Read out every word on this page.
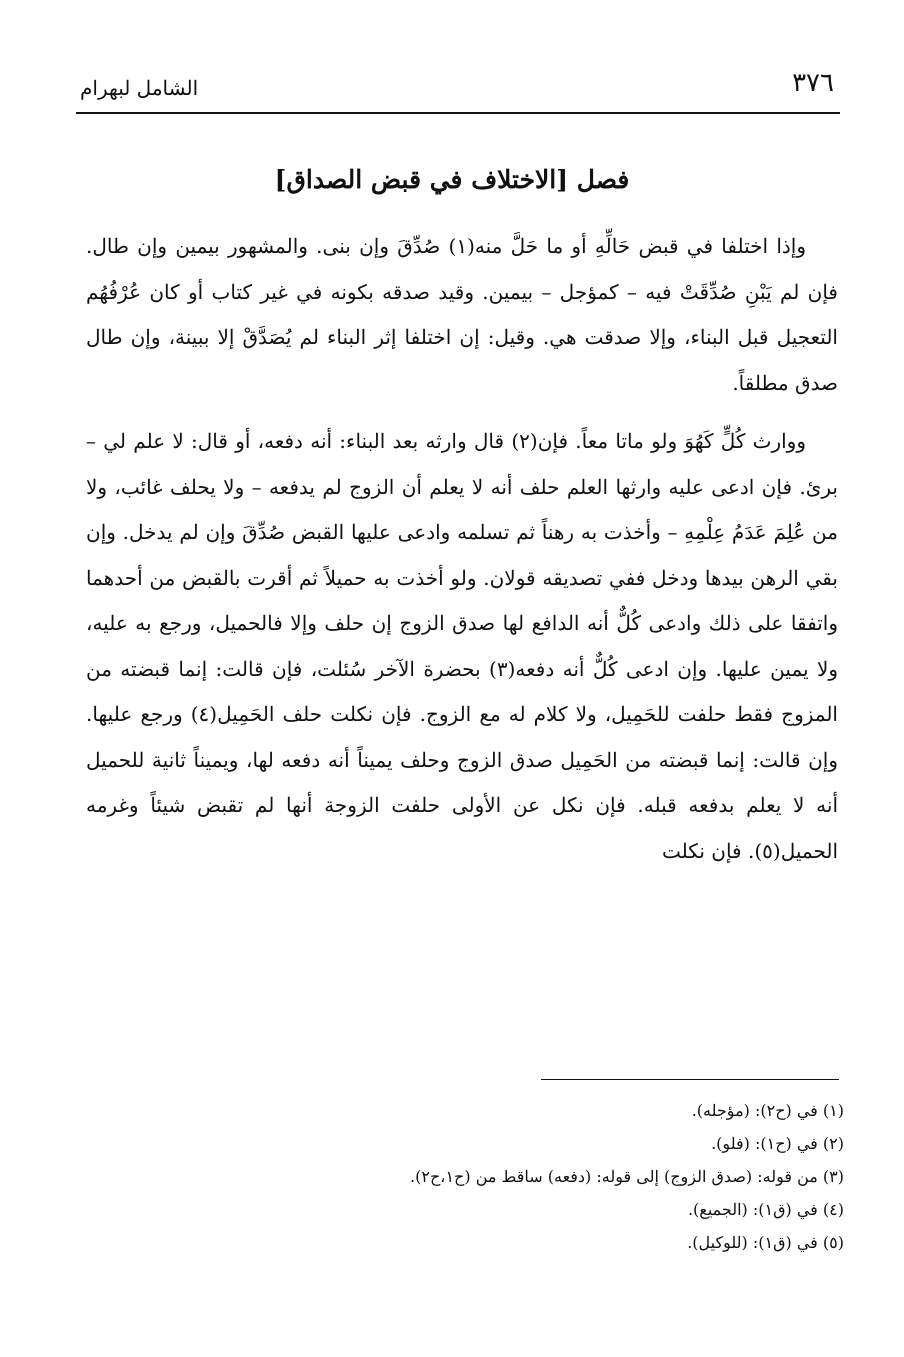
٣٧٦
الشامل لبهرام
فصل [الاختلاف في قبض الصداق]

وإذا اختلفا في قبض حَالِّهِ أو ما حَلَّ منه(١) صُدِّقَ وإن بنى. والمشهور بيمين وإن طال. فإن لم يَبْنِ صُدِّقَتْ فيه – كمؤجل – بيمين. وقيد صدقه بكونه في غير كتاب أو كان عُرْفُهُم التعجيل قبل البناء، وإلا صدقت هي. وقيل: إن اختلفا إثر البناء لم يُصَدَّقْ إلا ببينة، وإن طال صدق مطلقاً.

ووارث كُلٍّ كَهُوَ ولو ماتا معاً. فإن(٢) قال وارثه بعد البناء: أنه دفعه، أو قال: لا علم لي – برئ. فإن ادعى عليه وارثها العلم حلف أنه لا يعلم أن الزوج لم يدفعه – ولا يحلف غائب، ولا من عُلِمَ عَدَمُ عِلْمِهِ – وأخذت به رهناً ثم تسلمه وادعى عليها القبض صُدِّقَ وإن لم يدخل. وإن بقي الرهن بيدها ودخل ففي تصديقه قولان. ولو أخذت به حميلاً ثم أقرت بالقبض من أحدهما واتفقا على ذلك وادعى كُلٌّ أنه الدافع لها صدق الزوج إن حلف وإلا فالحميل، ورجع به عليه، ولا يمين عليها. وإن ادعى كُلٌّ أنه دفعه(٣) بحضرة الآخر سُئلت، فإن قالت: إنما قبضته من المزوج فقط حلفت للحَمِيل، ولا كلام له مع الزوج. فإن نكلت حلف الحَمِيل(٤) ورجع عليها. وإن قالت: إنما قبضته من الحَمِيل صدق الزوج وحلف يميناً أنه دفعه لها، ويميناً ثانية للحميل أنه لا يعلم بدفعه قبله. فإن نكل عن الأولى حلفت الزوجة أنها لم تقبض شيئاً وغرمه الحميل(٥). فإن نكلت

(١) في (ح٢): (مؤجله).
(٢) في (ح١): (فلو).
(٣) من قوله: (صدق الزوج) إلى قوله: (دفعه) ساقط من (ح١،ح٢).
(٤) في (ق١): (الجميع).
(٥) في (ق١): (للوكيل).
